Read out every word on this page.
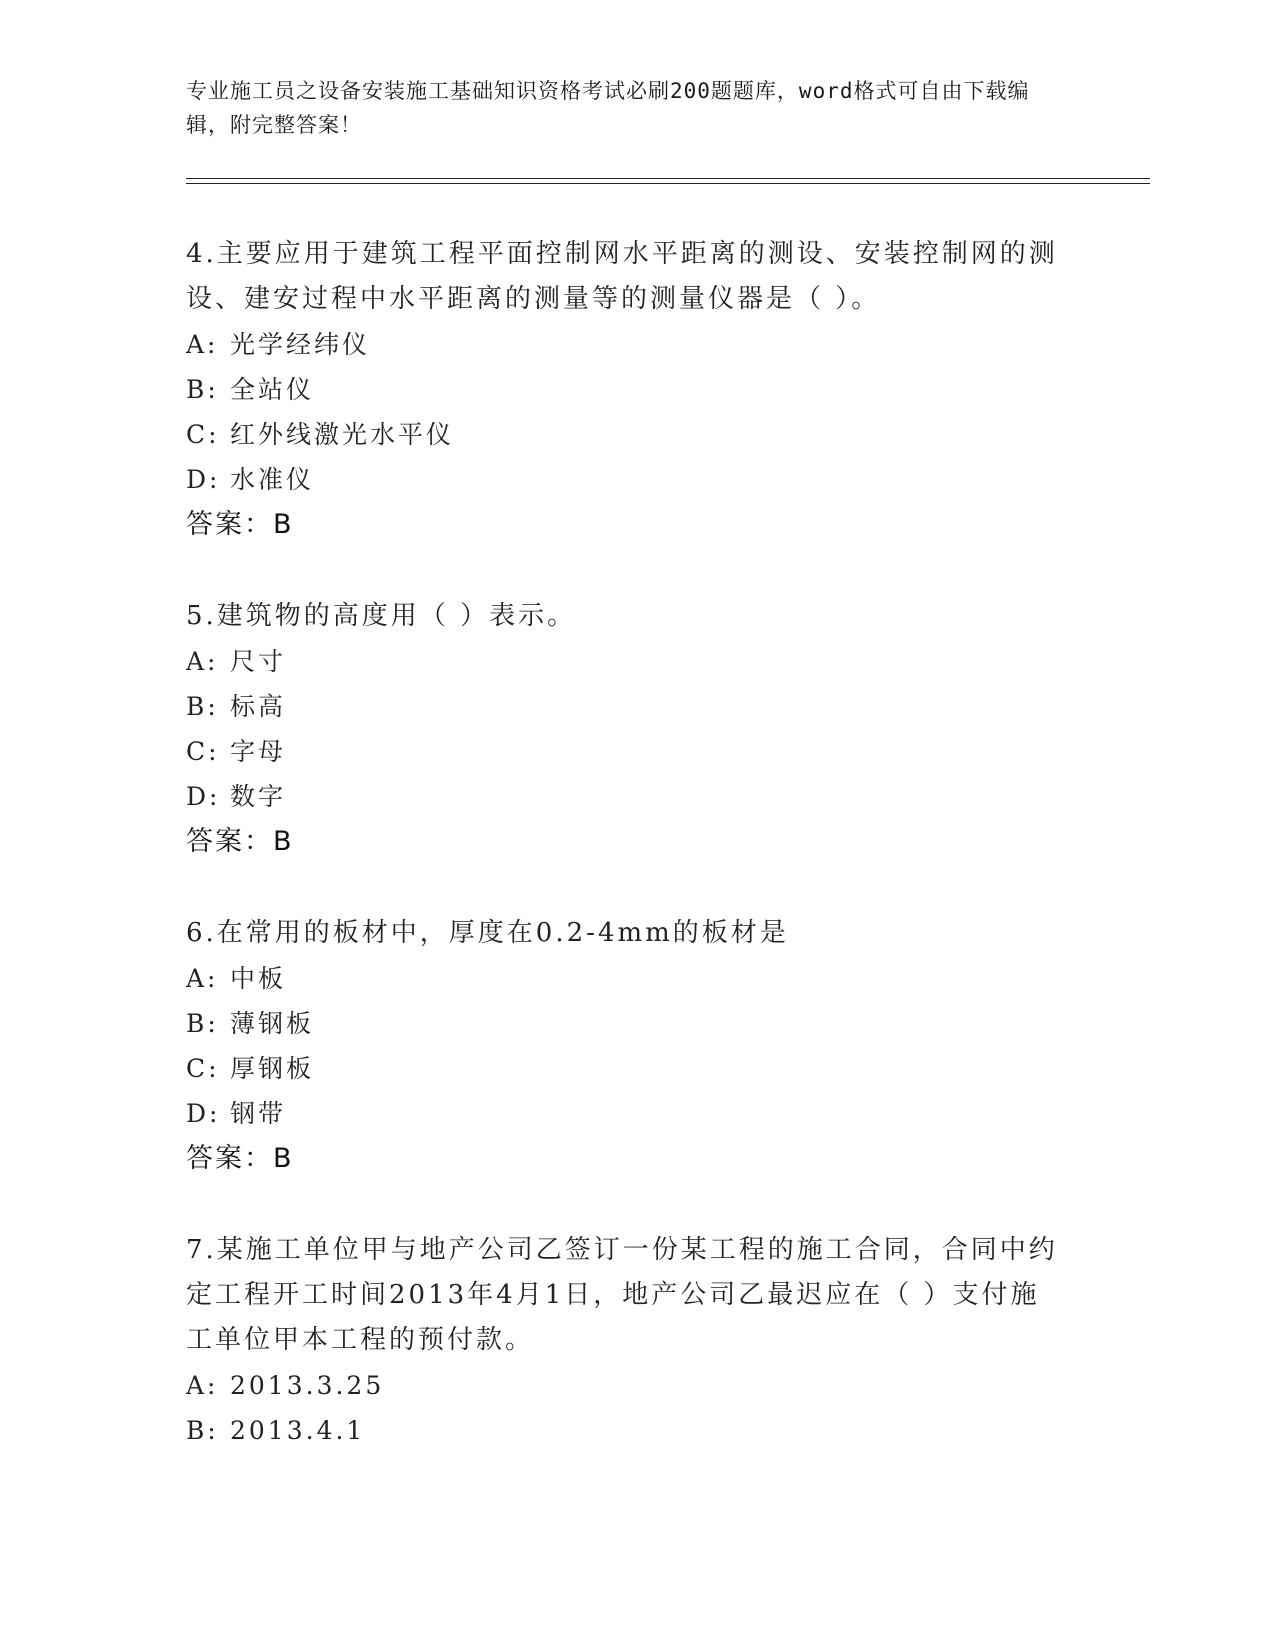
专业施工员之设备安装施工基础知识资格考试必刷200题题库，word格式可自由下载编辑，附完整答案！

4.主要应用于建筑工程平面控制网水平距离的测设、安装控制网的测设、建安过程中水平距离的测量等的测量仪器是（ ）。

A: 光学经纬仪
B: 全站仪
C: 红外线激光水平仪
D: 水准仪
答案：B

5.建筑物的高度用（ ）表示。

A: 尺寸
B: 标高
C: 字母
D: 数字
答案：B

6.在常用的板材中，厚度在0.2-4mm的板材是

A: 中板
B: 薄钢板
C: 厚钢板
D: 钢带
答案：B

7.某施工单位甲与地产公司乙签订一份某工程的施工合同，合同中约定工程开工时间2013年4月1日，地产公司乙最迟应在（ ）支付施工单位甲本工程的预付款。

A: 2013.3.25
B: 2013.4.1
